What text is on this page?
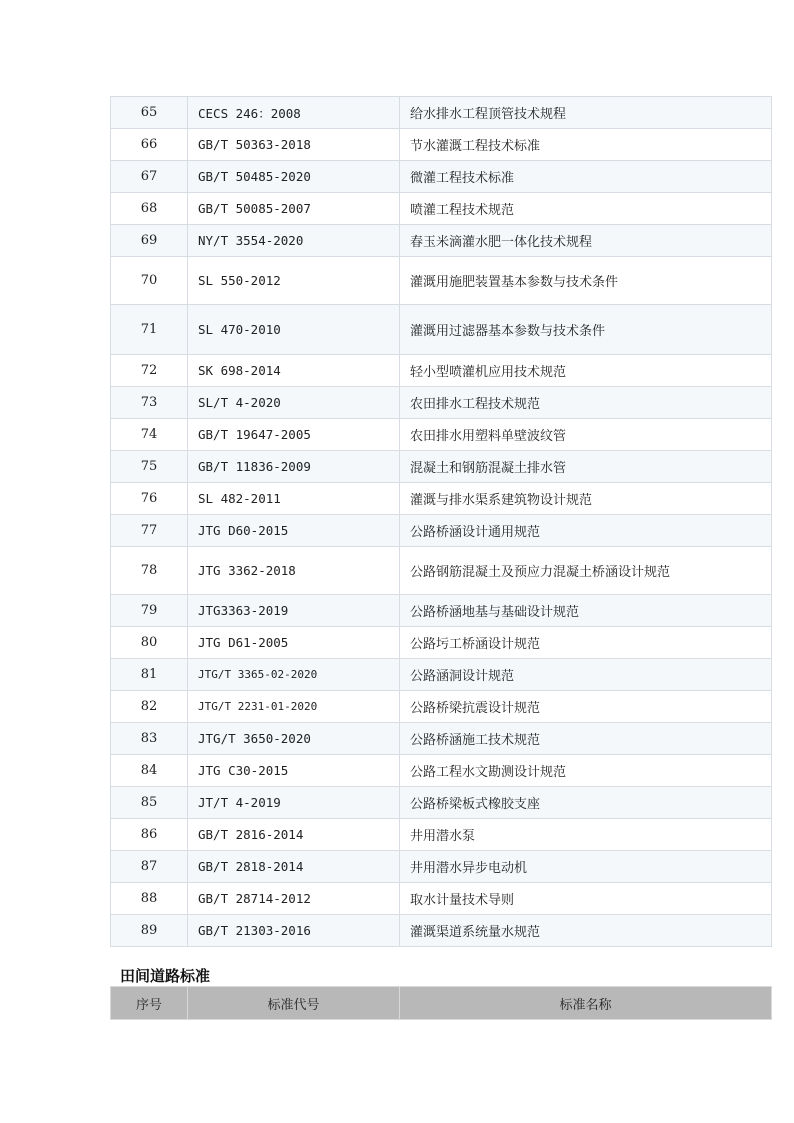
65	CECS 246：2008	给水排水工程顶管技术规程
66	GB/T 50363-2018	节水灌溉工程技术标准
67	GB/T 50485-2020	微灌工程技术标准
68	GB/T 50085-2007	喷灌工程技术规范
69	NY/T 3554-2020	春玉米滴灌水肥一体化技术规程
70	SL 550-2012	灌溉用施肥装置基本参数与技术条件
71	SL 470-2010	灌溉用过滤器基本参数与技术条件
72	SK 698-2014	轻小型喷灌机应用技术规范
73	SL/T 4-2020	农田排水工程技术规范
74	GB/T 19647-2005	农田排水用塑料单壁波纹管
75	GB/T 11836-2009	混凝土和钢筋混凝土排水管
76	SL 482-2011	灌溉与排水渠系建筑物设计规范
77	JTG D60-2015	公路桥涵设计通用规范
78	JTG 3362-2018	公路钢筋混凝土及预应力混凝土桥涵设计规范
79	JTG3363-2019	公路桥涵地基与基础设计规范
80	JTG D61-2005	公路圬工桥涵设计规范
81	JTG/T 3365-02-2020	公路涵洞设计规范
82	JTG/T 2231-01-2020	公路桥梁抗震设计规范
83	JTG/T 3650-2020	公路桥涵施工技术规范
84	JTG C30-2015	公路工程水文勘测设计规范
85	JT/T 4-2019	公路桥梁板式橡胶支座
86	GB/T 2816-2014	井用潜水泵
87	GB/T 2818-2014	井用潜水异步电动机
88	GB/T 28714-2012	取水计量技术导则
89	GB/T 21303-2016	灌溉渠道系统量水规范
田间道路标准
序号	标准代号	标准名称
